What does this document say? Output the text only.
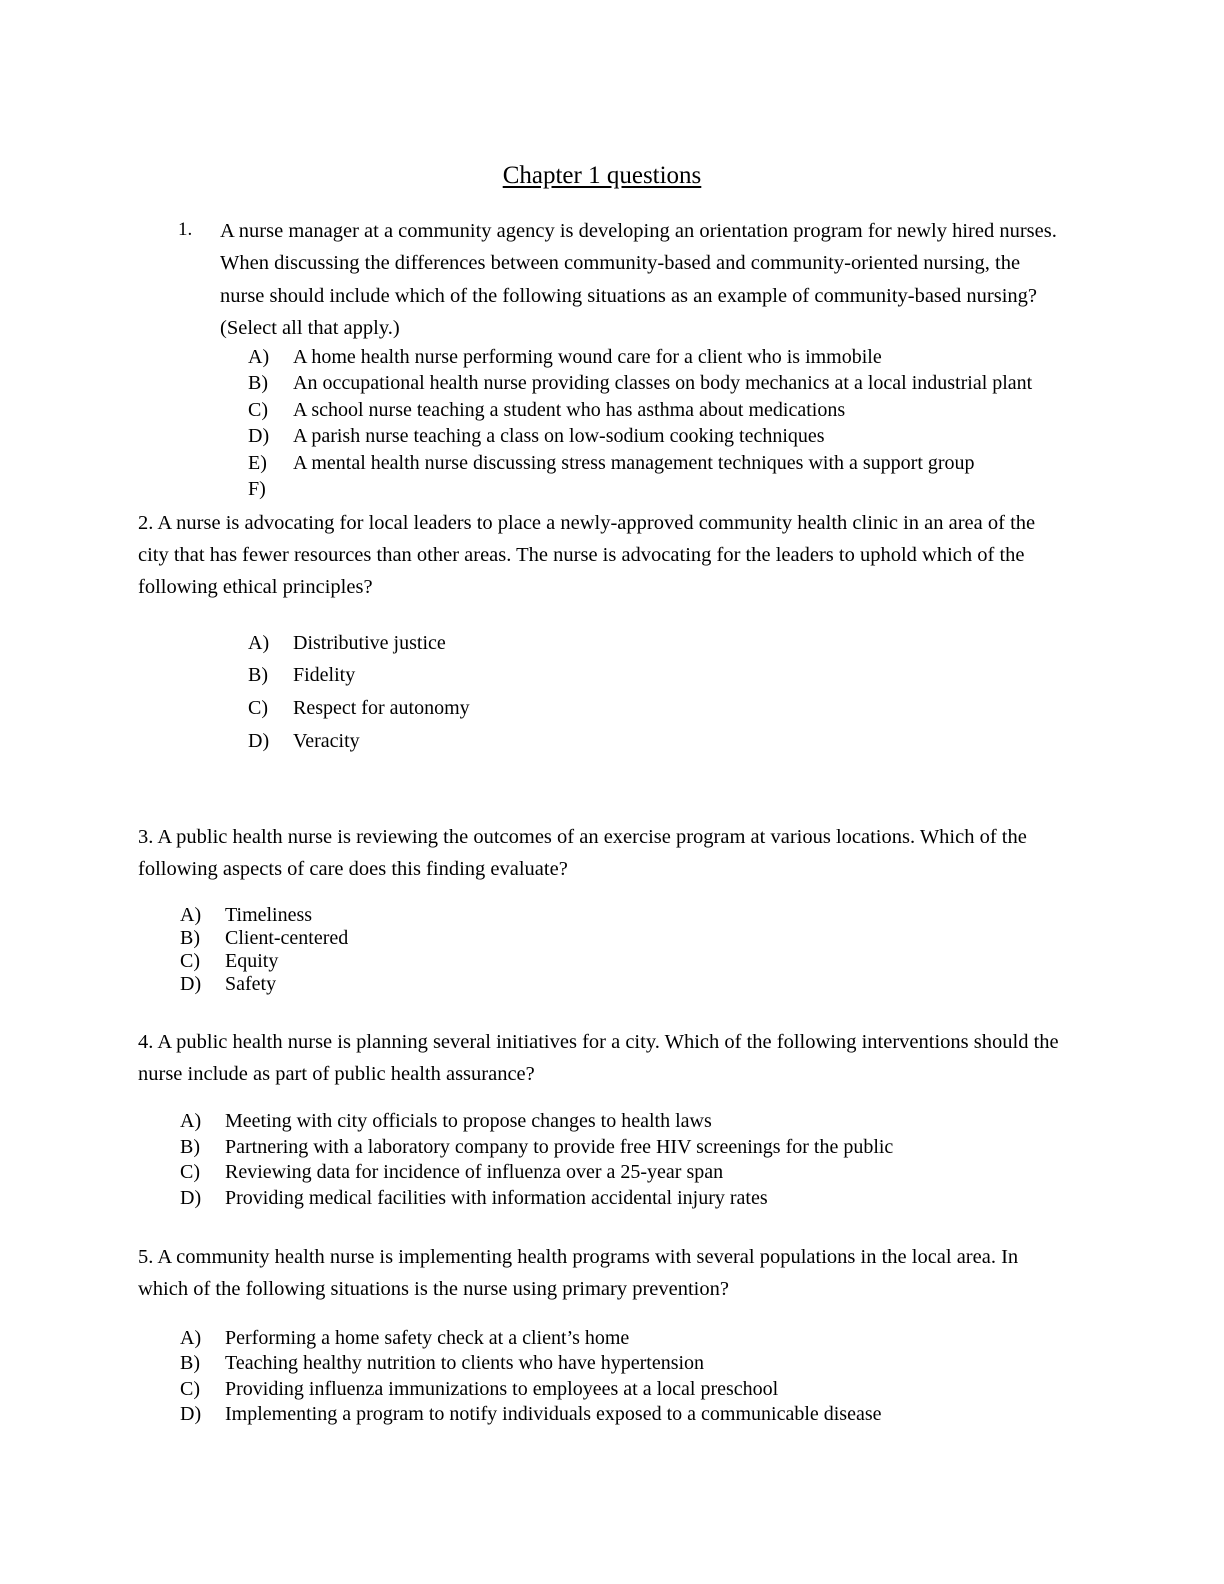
Chapter 1 questions
1.	A nurse manager at a community agency is developing an orientation program for newly hired nurses. When discussing the differences between community-based and community-oriented nursing, the nurse should include which of the following situations as an example of community-based nursing? (Select all that apply.)
A)	A home health nurse performing wound care for a client who is immobile
B)	An occupational health nurse providing classes on body mechanics at a local industrial plant
C)	A school nurse teaching a student who has asthma about medications
D)	A parish nurse teaching a class on low-sodium cooking techniques
E)	A mental health nurse discussing stress management techniques with a support group
F)

2. A nurse is advocating for local leaders to place a newly-approved community health clinic in an area of the city that has fewer resources than other areas. The nurse is advocating for the leaders to uphold which of the following ethical principles?

A)	Distributive justice
B)	Fidelity
C)	Respect for autonomy
D)	Veracity

3. A public health nurse is reviewing the outcomes of an exercise program at various locations. Which of the following aspects of care does this finding evaluate?

A)	Timeliness
B)	Client-centered
C)	Equity
D)	Safety

4. A public health nurse is planning several initiatives for a city. Which of the following interventions should the nurse include as part of public health assurance?

A)	Meeting with city officials to propose changes to health laws
B)	Partnering with a laboratory company to provide free HIV screenings for the public
C)	Reviewing data for incidence of influenza over a 25-year span
D)	Providing medical facilities with information accidental injury rates

5. A community health nurse is implementing health programs with several populations in the local area. In which of the following situations is the nurse using primary prevention?

A)	Performing a home safety check at a client’s home
B)	Teaching healthy nutrition to clients who have hypertension
C)	Providing influenza immunizations to employees at a local preschool
D)	Implementing a program to notify individuals exposed to a communicable disease
